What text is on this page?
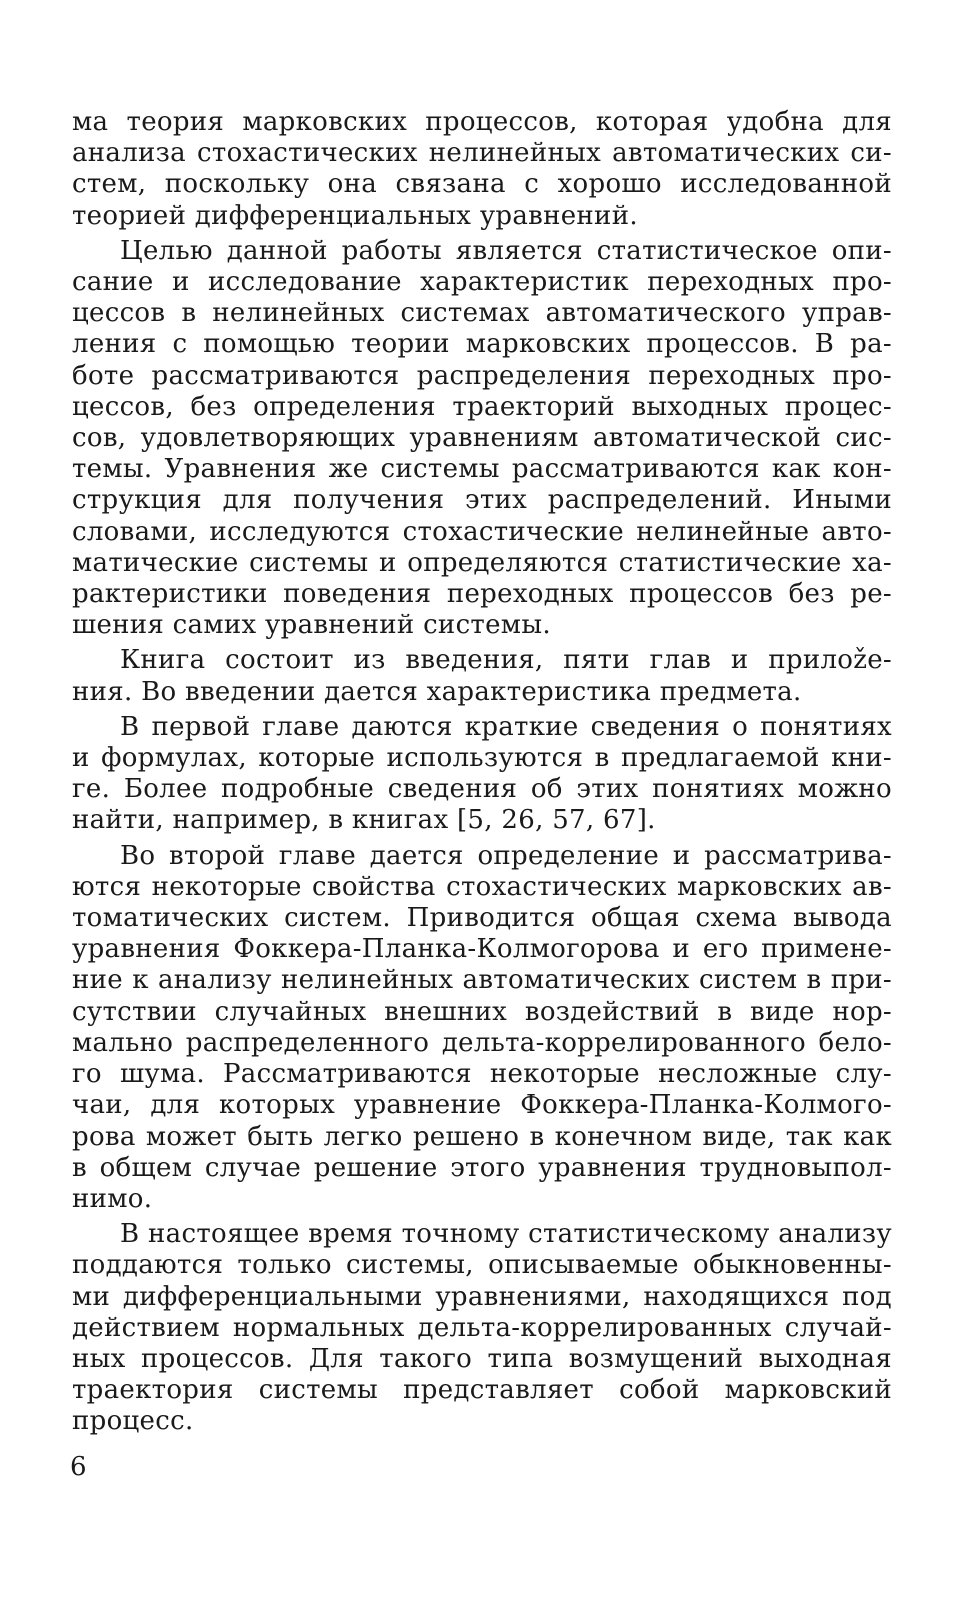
ма теория марковских процессов, которая удобна для
анализа стохастических нелинейных автоматических си-
стем, поскольку она связана с хорошо исследованной
теорией дифференциальных уравнений.

Целью данной работы является статистическое опи-
сание и исследование характеристик переходных про-
цессов в нелинейных системах автоматического управ-
ления с помощью теории марковских процессов. В ра-
боте рассматриваются распределения переходных про-
цессов, без определения траекторий выходных процес-
сов, удовлетворяющих уравнениям автоматической сис-
темы. Уравнения же системы рассматриваются как кон-
струкция для получения этих распределений. Иными
словами, исследуются стохастические нелинейные авто-
матические системы и определяются статистические ха-
рактеристики поведения переходных процессов без ре-
шения самих уравнений системы.

Книга состоит из введения, пяти глав и прилože-
ния. Во введении дается характеристика предмета.

В первой главе даются краткие сведения о понятиях
и формулах, которые используются в предлагаемой кни-
ге. Более подробные сведения об этих понятиях можно
найти, например, в книгах [5, 26, 57, 67].

Во второй главе дается определение и рассматрива-
ются некоторые свойства стохастических марковских ав-
томатических систем. Приводится общая схема вывода
уравнения Фоккера-Планка-Колмогорова и его примене-
ние к анализу нелинейных автоматических систем в при-
сутствии случайных внешних воздействий в виде нор-
мально распределенного дельта-коррелированного бело-
го шума. Рассматриваются некоторые несложные слу-
чаи, для которых уравнение Фоккера-Планка-Колмого-
рова может быть легко решено в конечном виде, так как
в общем случае решение этого уравнения трудновыпол-
нимо.

В настоящее время точному статистическому анализу
поддаются только системы, описываемые обыкновенны-
ми дифференциальными уравнениями, находящихся под
действием нормальных дельта-коррелированных случай-
ных процессов. Для такого типа возмущений выходная
траектория системы представляет собой марковский
процесс.

6
